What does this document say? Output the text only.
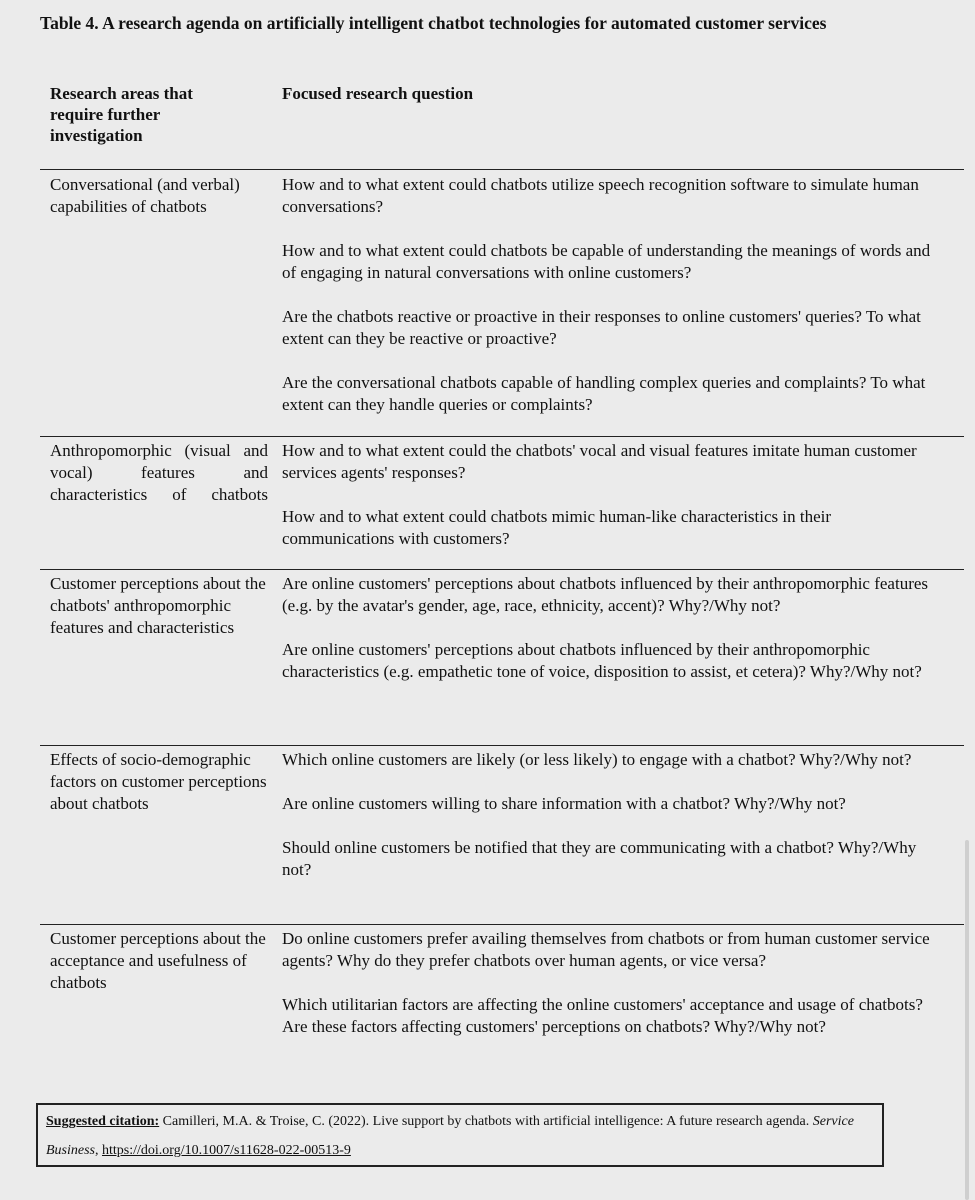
Table 4. A research agenda on artificially intelligent chatbot technologies for automated customer services
Research areas that require further investigation
Focused research question
Conversational (and verbal) capabilities of chatbots
How and to what extent could chatbots utilize speech recognition software to simulate human conversations?
How and to what extent could chatbots be capable of understanding the meanings of words and of engaging in natural conversations with online customers?
Are the chatbots reactive or proactive in their responses to online customers' queries? To what extent can they be reactive or proactive?
Are the conversational chatbots capable of handling complex queries and complaints? To what extent can they handle queries or complaints?
Anthropomorphic (visual and vocal) features and characteristics of chatbots
How and to what extent could the chatbots' vocal and visual features imitate human customer services agents' responses?
How and to what extent could chatbots mimic human-like characteristics in their communications with customers?
Customer perceptions about the chatbots' anthropomorphic features and characteristics
Are online customers' perceptions about chatbots influenced by their anthropomorphic features (e.g. by the avatar's gender, age, race, ethnicity, accent)? Why?/Why not?
Are online customers' perceptions about chatbots influenced by their anthropomorphic characteristics (e.g. empathetic tone of voice, disposition to assist, et cetera)? Why?/Why not?
Effects of socio-demographic factors on customer perceptions about chatbots
Which online customers are likely (or less likely) to engage with a chatbot? Why?/Why not?
Are online customers willing to share information with a chatbot? Why?/Why not?
Should online customers be notified that they are communicating with a chatbot? Why?/Why not?
Customer perceptions about the acceptance and usefulness of chatbots
Do online customers prefer availing themselves from chatbots or from human customer service agents? Why do they prefer chatbots over human agents, or vice versa?
Which utilitarian factors are affecting the online customers' acceptance and usage of chatbots? Are these factors affecting customers' perceptions on chatbots? Why?/Why not?
Suggested citation: Camilleri, M.A. & Troise, C. (2022). Live support by chatbots with artificial intelligence: A future research agenda. Service Business, https://doi.org/10.1007/s11628-022-00513-9
